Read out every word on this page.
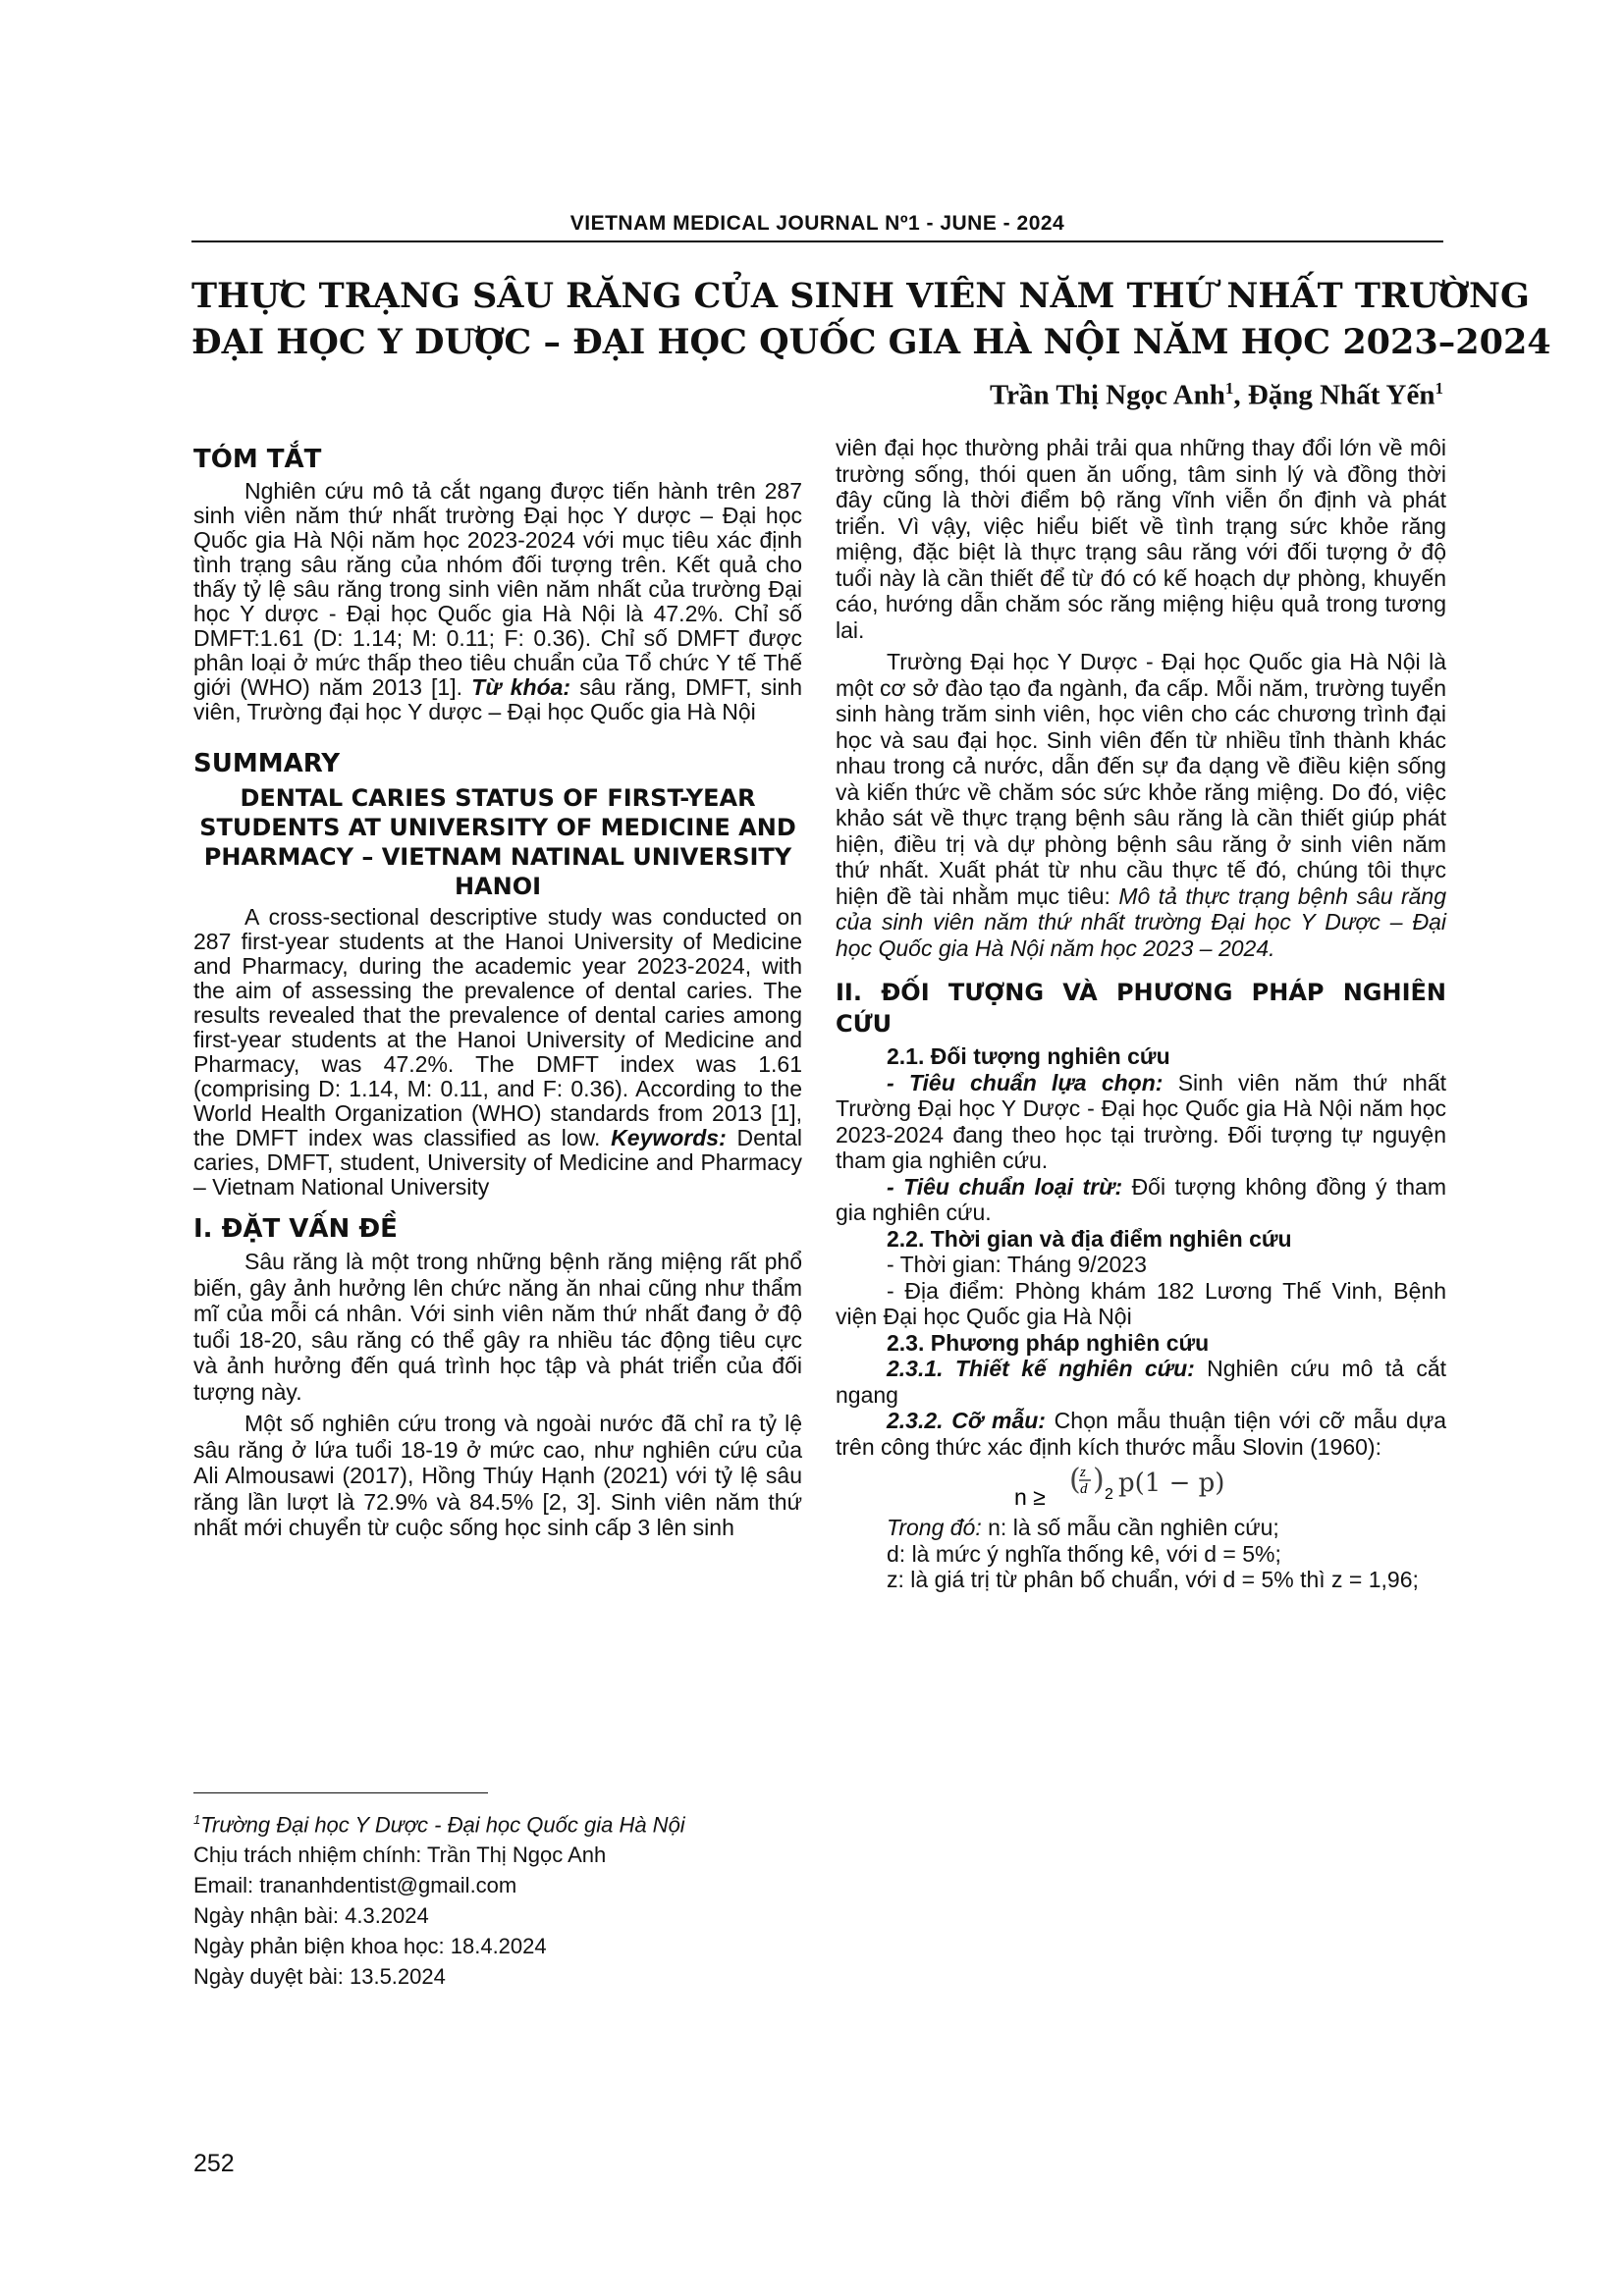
VIETNAM MEDICAL JOURNAL Nº1 - JUNE - 2024
THỰC TRẠNG SÂU RĂNG CỦA SINH VIÊN NĂM THỨ NHẤT TRƯỜNG
ĐẠI HỌC Y DƯỢC – ĐẠI HỌC QUỐC GIA HÀ NỘI NĂM HỌC 2023–2024
Trần Thị Ngọc Anh$^1$, Đặng Nhất Yến$^1$
TÓM TẮT

Nghiên cứu mô tả cắt ngang được tiến hành trên 287 sinh viên năm thứ nhất trường Đại học Y dược – Đại học Quốc gia Hà Nội năm học 2023-2024 với mục tiêu xác định tình trạng sâu răng của nhóm đối tượng trên. Kết quả cho thấy tỷ lệ sâu răng trong sinh viên năm nhất của trường Đại học Y dược - Đại học Quốc gia Hà Nội là 47.2%. Chỉ số DMFT:1.61 (D: 1.14; M: 0.11; F: 0.36). Chỉ số DMFT được phân loại ở mức thấp theo tiêu chuẩn của Tổ chức Y tế Thế giới (WHO) năm 2013 [1]. Từ khóa: sâu răng, DMFT, sinh viên, Trường đại học Y dược – Đại học Quốc gia Hà Nội

SUMMARY
DENTAL CARIES STATUS OF FIRST-YEAR STUDENTS AT UNIVERSITY OF MEDICINE AND PHARMACY – VIETNAM NATINAL UNIVERSITY HANOI

A cross-sectional descriptive study was conducted on 287 first-year students at the Hanoi University of Medicine and Pharmacy, during the academic year 2023-2024, with the aim of assessing the prevalence of dental caries. The results revealed that the prevalence of dental caries among first-year students at the Hanoi University of Medicine and Pharmacy, was 47.2%. The DMFT index was 1.61 (comprising D: 1.14, M: 0.11, and F: 0.36). According to the World Health Organization (WHO) standards from 2013 [1], the DMFT index was classified as low. Keywords: Dental caries, DMFT, student, University of Medicine and Pharmacy – Vietnam National University

I. ĐẶT VẤN ĐỀ

Sâu răng là một trong những bệnh răng miệng rất phổ biến, gây ảnh hưởng lên chức năng ăn nhai cũng như thẩm mĩ của mỗi cá nhân. Với sinh viên năm thứ nhất đang ở độ tuổi 18-20, sâu răng có thể gây ra nhiều tác động tiêu cực và ảnh hưởng đến quá trình học tập và phát triển của đối tượng này.

Một số nghiên cứu trong và ngoài nước đã chỉ ra tỷ lệ sâu răng ở lứa tuổi 18-19 ở mức cao, như nghiên cứu của Ali Almousawi (2017), Hồng Thúy Hạnh (2021) với tỷ lệ sâu răng lần lượt là 72.9% và 84.5% [2, 3]. Sinh viên năm thứ nhất mới chuyển từ cuộc sống học sinh cấp 3 lên sinh

$^1$Trường Đại học Y Dược - Đại học Quốc gia Hà Nội
Chịu trách nhiệm chính: Trần Thị Ngọc Anh
Email: trananhdentist@gmail.com
Ngày nhận bài: 4.3.2024
Ngày phản biện khoa học: 18.4.2024
Ngày duyệt bài: 13.5.2024
252

viên đại học thường phải trải qua những thay đổi lớn về môi trường sống, thói quen ăn uống, tâm sinh lý và đồng thời đây cũng là thời điểm bộ răng vĩnh viễn ổn định và phát triển. Vì vậy, việc hiểu biết về tình trạng sức khỏe răng miệng, đặc biệt là thực trạng sâu răng với đối tượng ở độ tuổi này là cần thiết để từ đó có kế hoạch dự phòng, khuyến cáo, hướng dẫn chăm sóc răng miệng hiệu quả trong tương lai.

Trường Đại học Y Dược - Đại học Quốc gia Hà Nội là một cơ sở đào tạo đa ngành, đa cấp. Mỗi năm, trường tuyển sinh hàng trăm sinh viên, học viên cho các chương trình đại học và sau đại học. Sinh viên đến từ nhiều tỉnh thành khác nhau trong cả nước, dẫn đến sự đa dạng về điều kiện sống và kiến thức về chăm sóc sức khỏe răng miệng. Do đó, việc khảo sát về thực trạng bệnh sâu răng là cần thiết giúp phát hiện, điều trị và dự phòng bệnh sâu răng ở sinh viên năm thứ nhất. Xuất phát từ nhu cầu thực tế đó, chúng tôi thực hiện đề tài nhằm mục tiêu: Mô tả thực trạng bệnh sâu răng của sinh viên năm thứ nhất trường Đại học Y Dược – Đại học Quốc gia Hà Nội năm học 2023 – 2024.

II. ĐỐI TƯỢNG VÀ PHƯƠNG PHÁP NGHIÊN CỨU

2.1. Đối tượng nghiên cứu

- Tiêu chuẩn lựa chọn: Sinh viên năm thứ nhất Trường Đại học Y Dược - Đại học Quốc gia Hà Nội năm học 2023-2024 đang theo học tại trường. Đối tượng tự nguyện tham gia nghiên cứu.

- Tiêu chuẩn loại trừ: Đối tượng không đồng ý tham gia nghiên cứu.

2.2. Thời gian và địa điểm nghiên cứu

- Thời gian: Tháng 9/2023

- Địa điểm: Phòng khám 182 Lương Thế Vinh, Bệnh viện Đại học Quốc gia Hà Nội

2.3. Phương pháp nghiên cứu

2.3.1. Thiết kế nghiên cứu: Nghiên cứu mô tả cắt ngang

2.3.2. Cỡ mẫu: Chọn mẫu thuận tiện với cỡ mẫu dựa trên công thức xác định kích thước mẫu Slovin (1960):

n ≥ ( z
d ) 2 p(1 − p)

Trong đó: n: là số mẫu cần nghiên cứu;

d: là mức ý nghĩa thống kê, với d = 5%;

z: là giá trị từ phân bố chuẩn, với d = 5% thì z = 1,96;
